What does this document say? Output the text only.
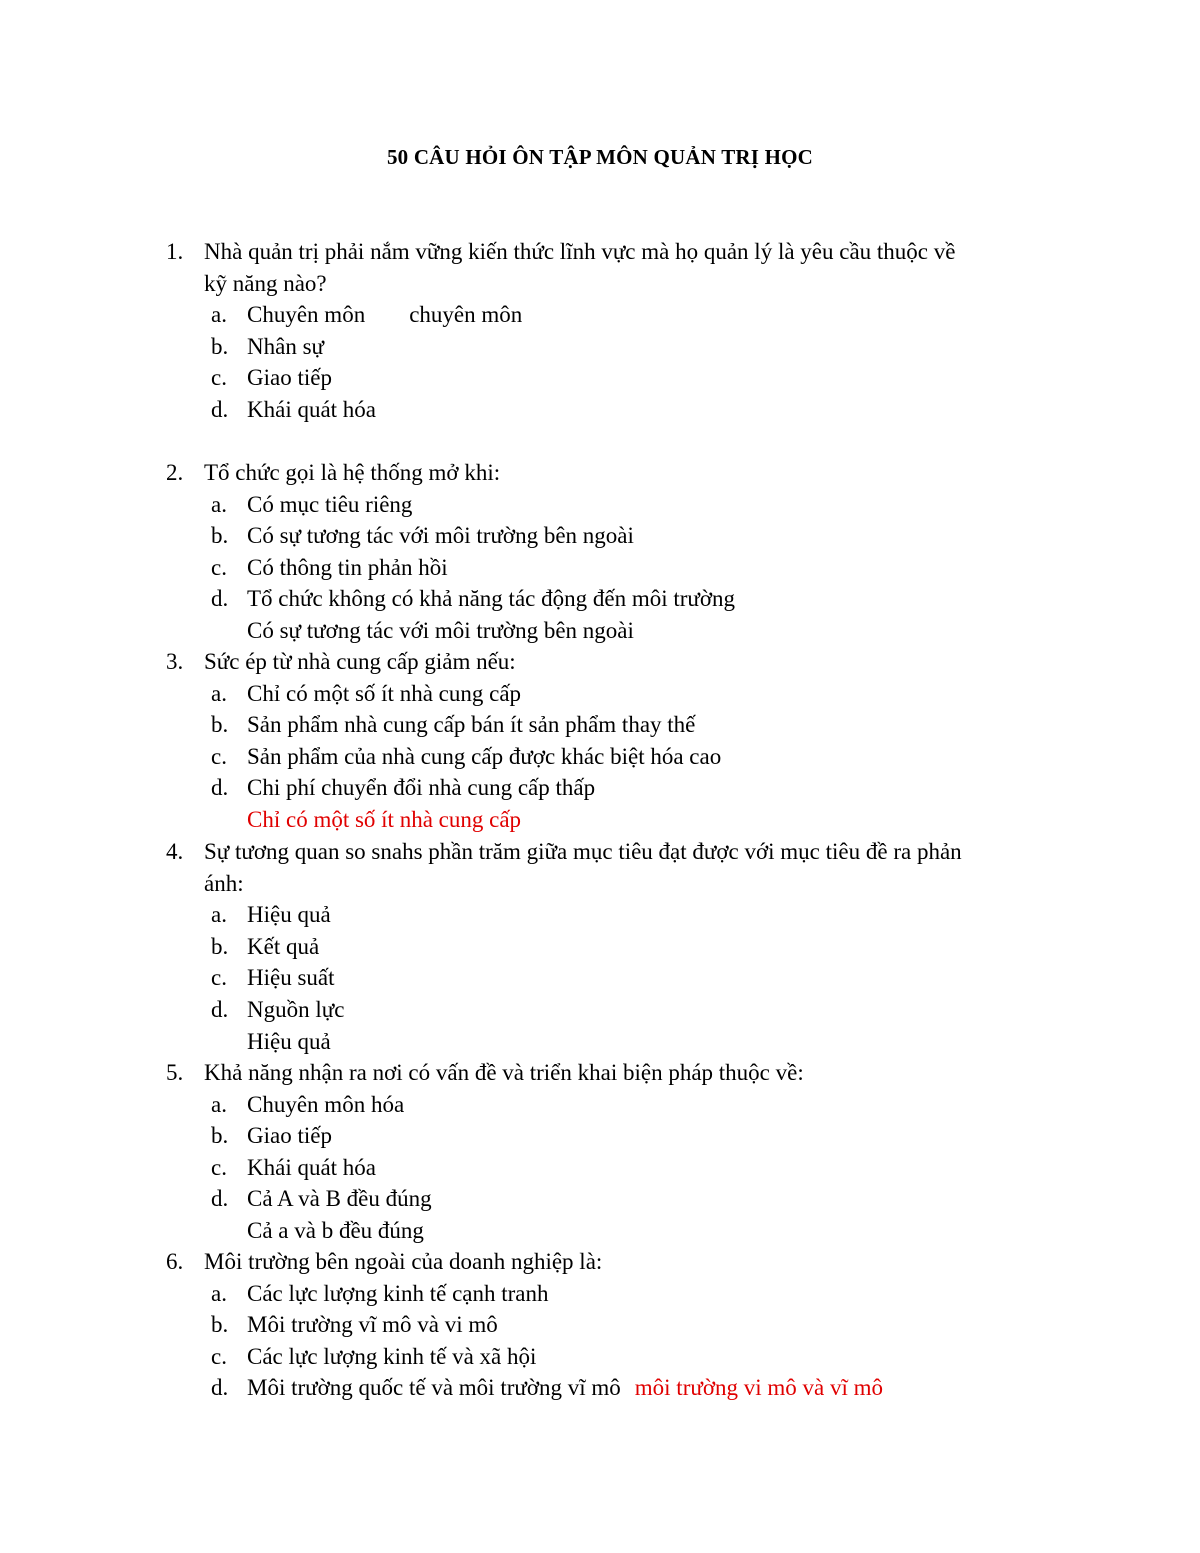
50 CÂU HỎI ÔN TẬP MÔN QUẢN TRỊ HỌC
1. Nhà quản trị phải nắm vững kiến thức lĩnh vực mà họ quản lý là yêu cầu thuộc về
kỹ năng nào?
a. Chuyên môn chuyên môn
b. Nhân sự
c. Giao tiếp
d. Khái quát hóa
2. Tổ chức gọi là hệ thống mở khi:
a. Có mục tiêu riêng
b. Có sự tương tác với môi trường bên ngoài
c. Có thông tin phản hồi
d. Tổ chức không có khả năng tác động đến môi trường
Có sự tương tác với môi trường bên ngoài
3. Sức ép từ nhà cung cấp giảm nếu:
a. Chỉ có một số ít nhà cung cấp
b. Sản phẩm nhà cung cấp bán ít sản phẩm thay thế
c. Sản phẩm của nhà cung cấp được khác biệt hóa cao
d. Chi phí chuyển đổi nhà cung cấp thấp
Chỉ có một số ít nhà cung cấp
4. Sự tương quan so snahs phần trăm giữa mục tiêu đạt được với mục tiêu đề ra phản
ánh:
a. Hiệu quả
b. Kết quả
c. Hiệu suất
d. Nguồn lực
Hiệu quả
5. Khả năng nhận ra nơi có vấn đề và triển khai biện pháp thuộc về:
a. Chuyên môn hóa
b. Giao tiếp
c. Khái quát hóa
d. Cả A và B đều đúng
Cả a và b đều đúng
6. Môi trường bên ngoài của doanh nghiệp là:
a. Các lực lượng kinh tế cạnh tranh
b. Môi trường vĩ mô và vi mô
c. Các lực lượng kinh tế và xã hội
d. Môi trường quốc tế và môi trường vĩ mô môi trường vi mô và vĩ mô
